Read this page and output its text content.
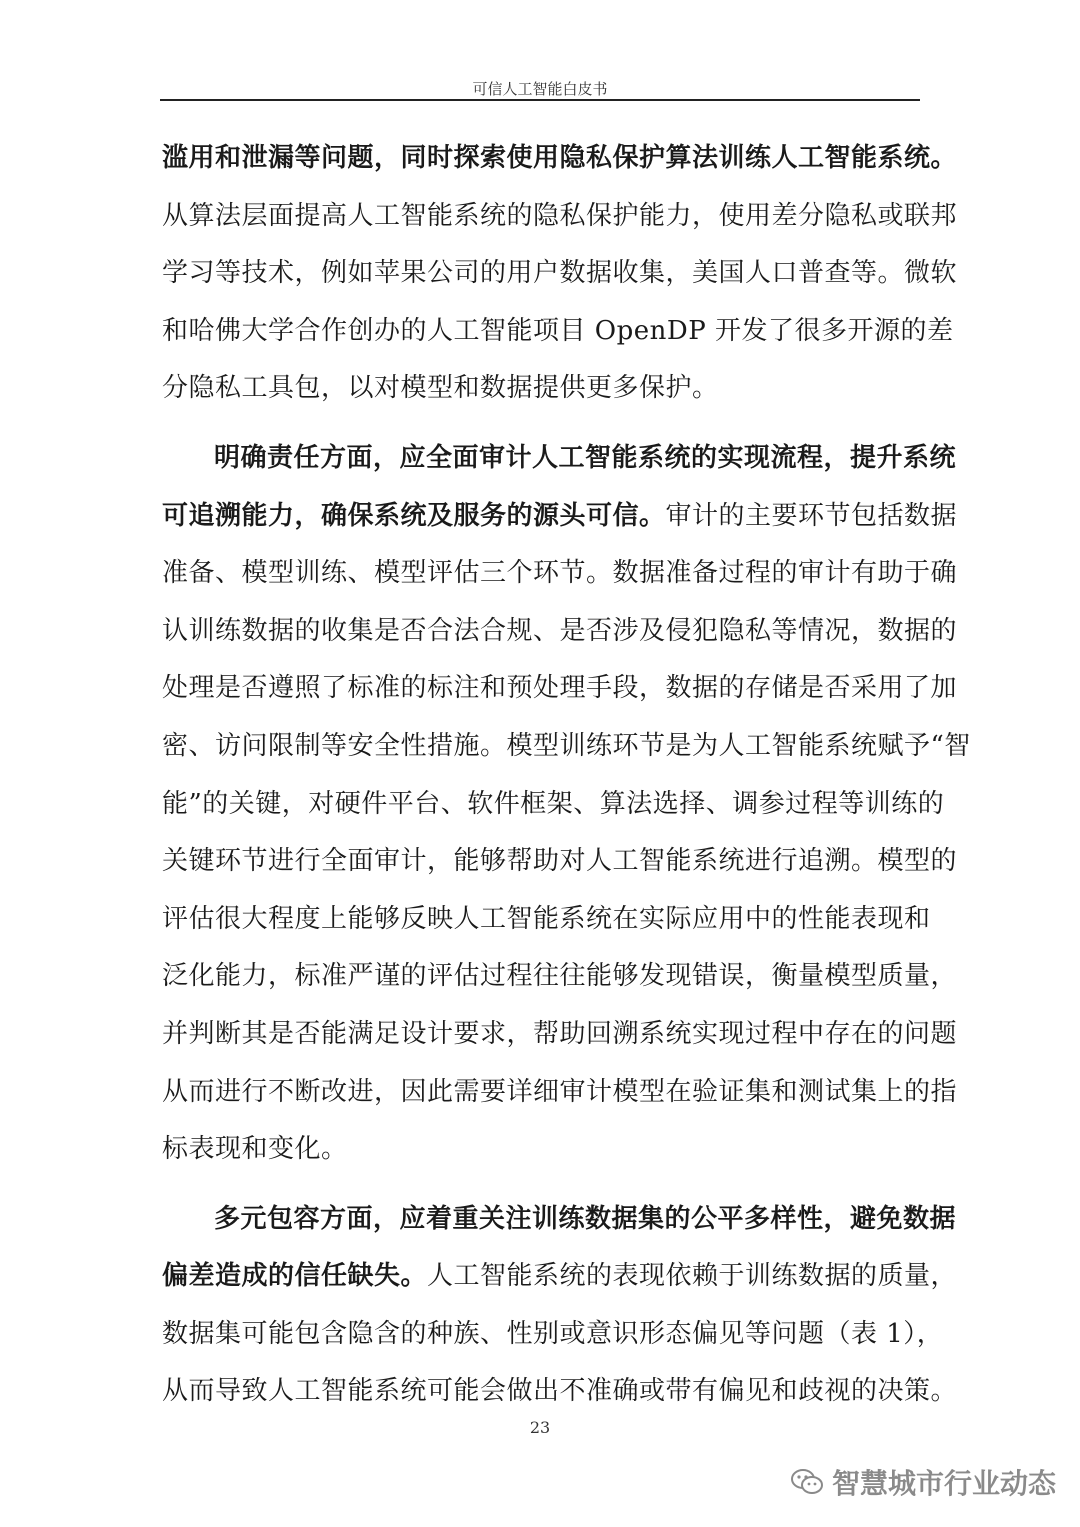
可信人工智能白皮书
滥用和泄漏等问题，同时探索使用隐私保护算法训练人工智能系统。
从算法层面提高人工智能系统的隐私保护能力，使用差分隐私或联邦
学习等技术，例如苹果公司的用户数据收集，美国人口普查等。微软
和哈佛大学合作创办的人工智能项目 OpenDP 开发了很多开源的差
分隐私工具包，以对模型和数据提供更多保护。
明确责任方面，应全面审计人工智能系统的实现流程，提升系统
可追溯能力，确保系统及服务的源头可信。审计的主要环节包括数据
准备、模型训练、模型评估三个环节。数据准备过程的审计有助于确
认训练数据的收集是否合法合规、是否涉及侵犯隐私等情况，数据的
处理是否遵照了标准的标注和预处理手段，数据的存储是否采用了加
密、访问限制等安全性措施。模型训练环节是为人工智能系统赋予“智
能”的关键，对硬件平台、软件框架、算法选择、调参过程等训练的
关键环节进行全面审计，能够帮助对人工智能系统进行追溯。模型的
评估很大程度上能够反映人工智能系统在实际应用中的性能表现和
泛化能力，标准严谨的评估过程往往能够发现错误，衡量模型质量，
并判断其是否能满足设计要求，帮助回溯系统实现过程中存在的问题
从而进行不断改进，因此需要详细审计模型在验证集和测试集上的指
标表现和变化。
多元包容方面，应着重关注训练数据集的公平多样性，避免数据
偏差造成的信任缺失。人工智能系统的表现依赖于训练数据的质量，
数据集可能包含隐含的种族、性别或意识形态偏见等问题（表 1），
从而导致人工智能系统可能会做出不准确或带有偏见和歧视的决策。
23
智慧城市行业动态
